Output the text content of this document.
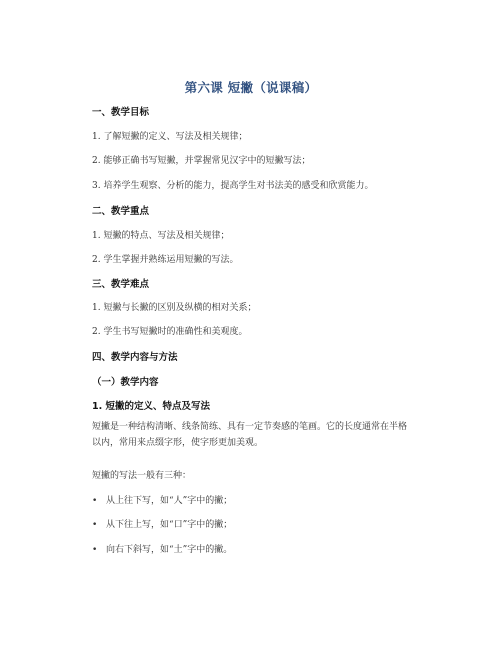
第六课 短撇（说课稿）
一、教学目标
1. 了解短撇的定义、写法及相关规律；
2. 能够正确书写短撇，并掌握常见汉字中的短撇写法；
3. 培养学生观察、分析的能力，提高学生对书法美的感受和欣赏能力。
二、教学重点
1. 短撇的特点、写法及相关规律；
2. 学生掌握并熟练运用短撇的写法。
三、教学难点
1. 短撇与长撇的区别及纵横的相对关系；
2. 学生书写短撇时的准确性和美观度。
四、教学内容与方法
（一）教学内容
1. 短撇的定义、特点及写法
短撇是一种结构清晰、线条简练、具有一定节奏感的笔画。它的长度通常在半格以内，常用来点缀字形，使字形更加美观。
短撇的写法一般有三种：
• 从上往下写，如“人”字中的撇；
• 从下往上写，如“口”字中的撇；
• 向右下斜写，如“土”字中的撇。
